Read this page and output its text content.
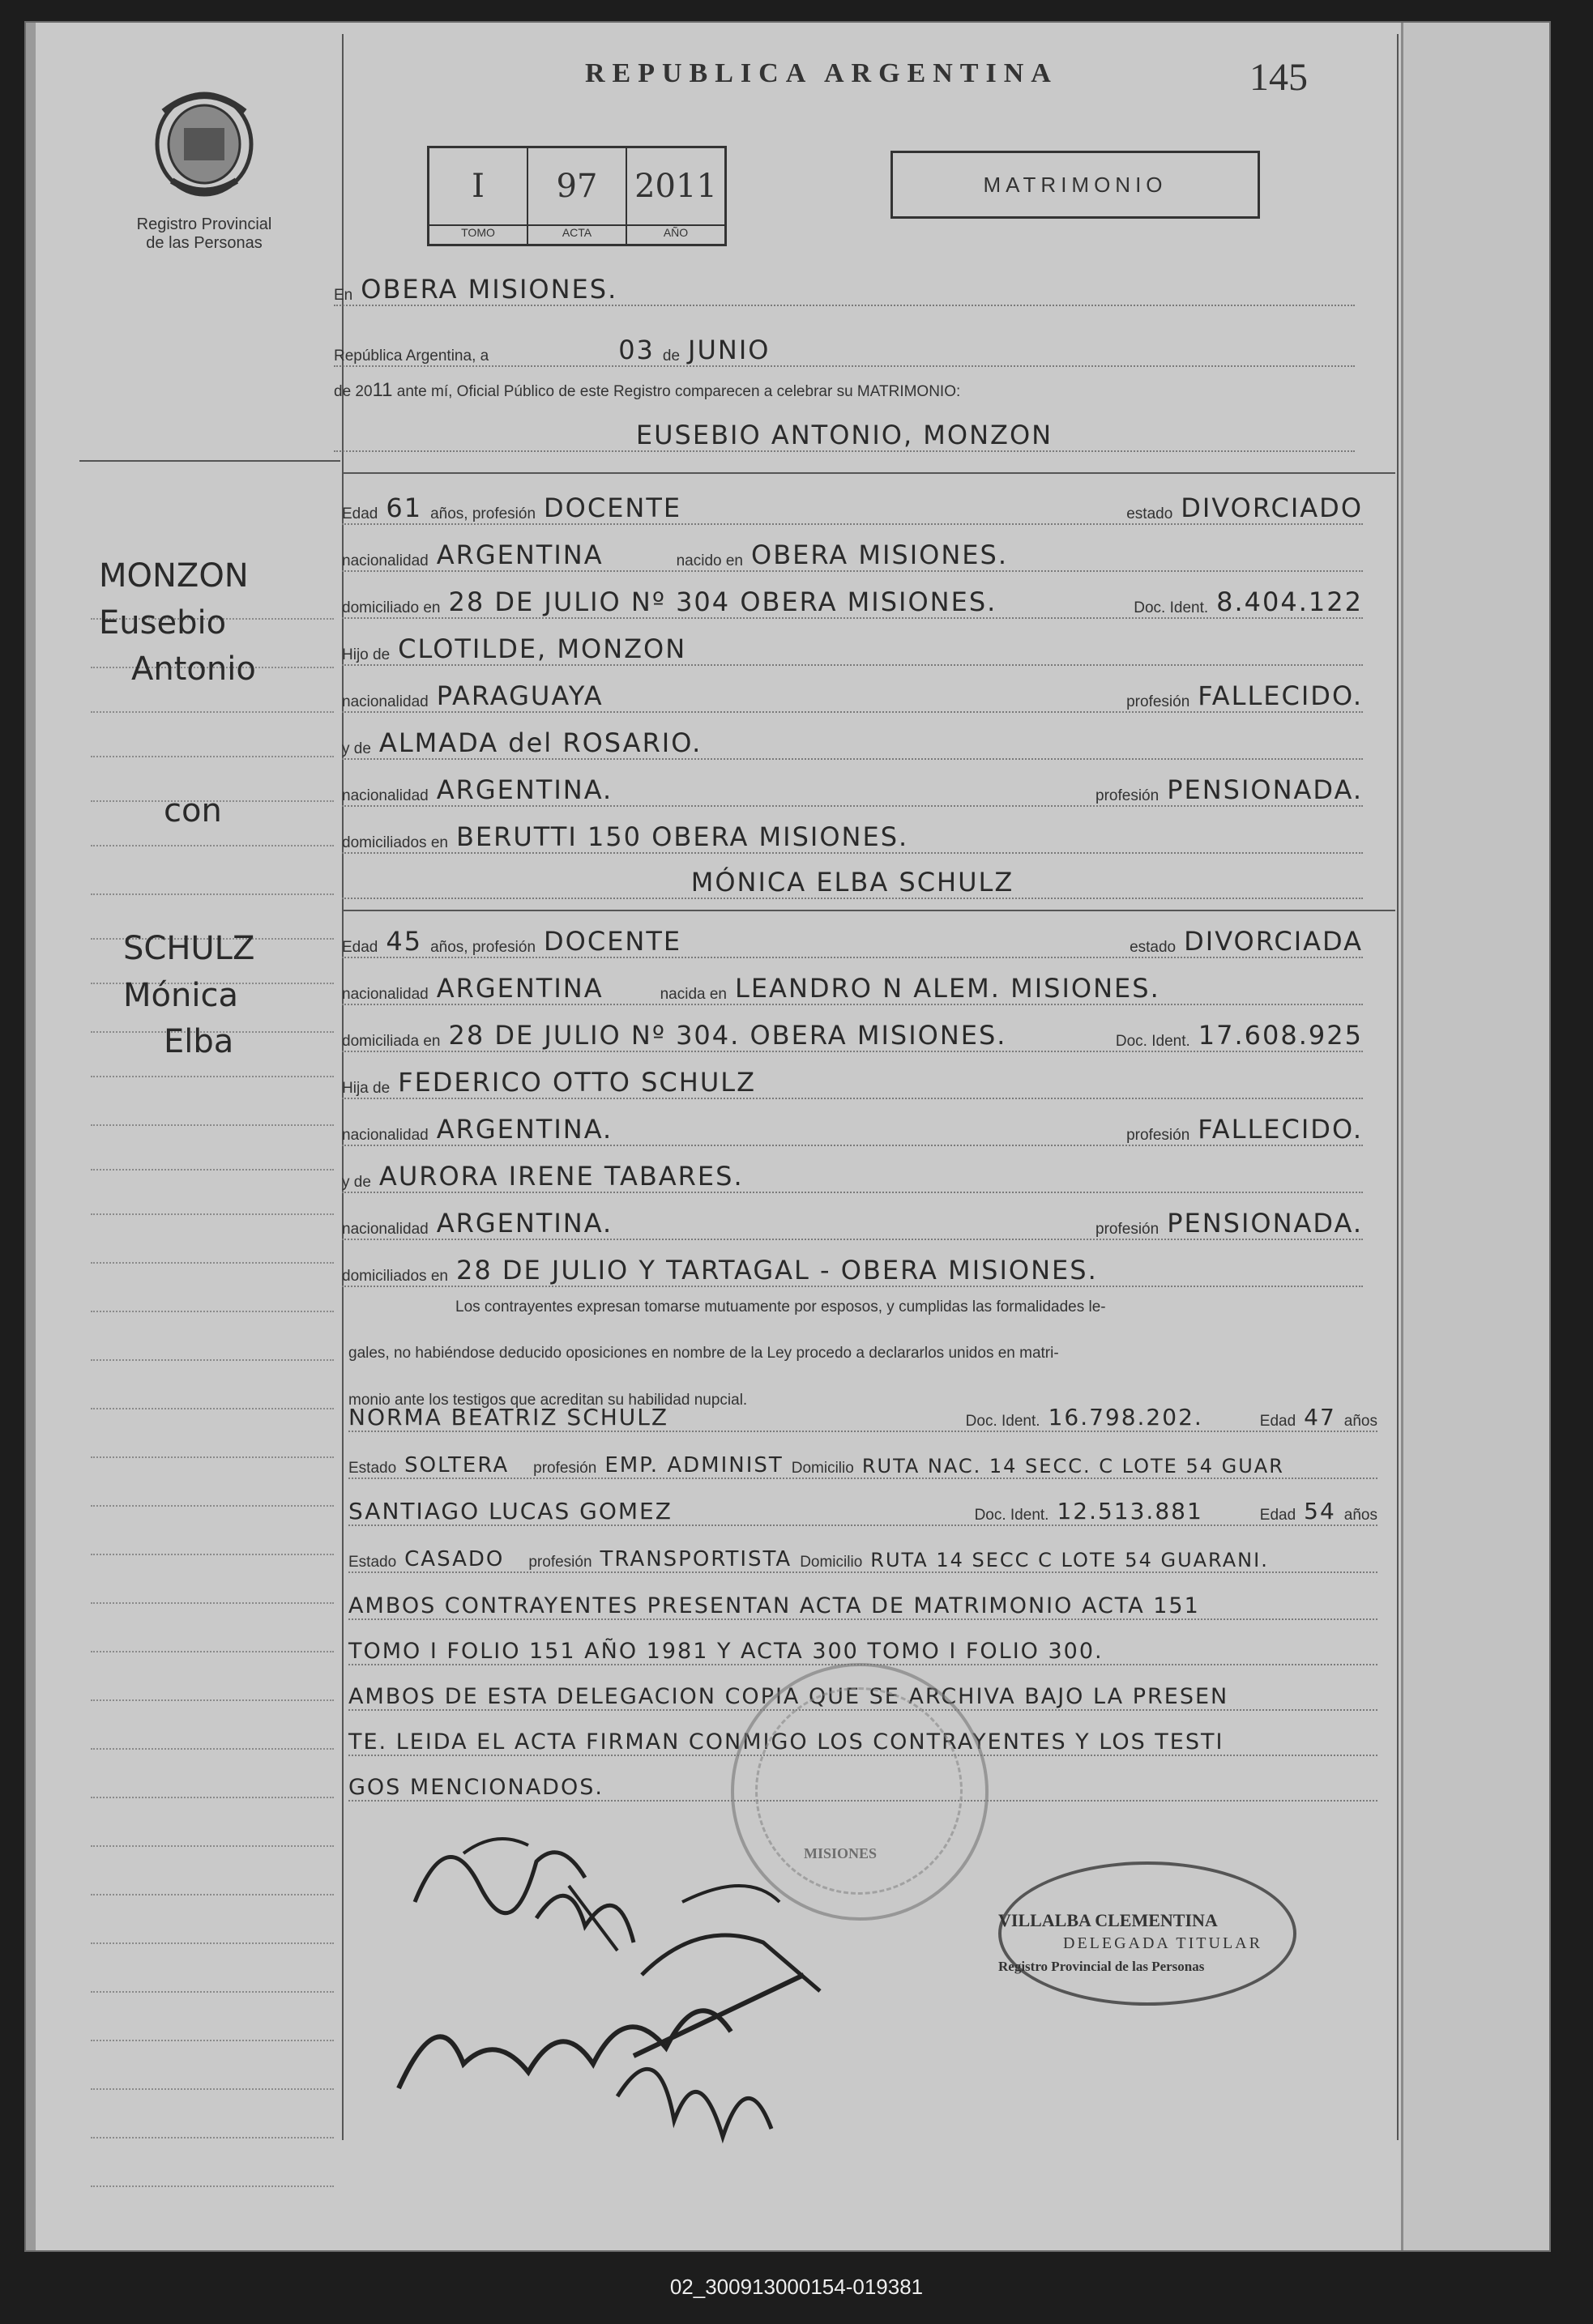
Registro Provincial
de las Personas
REPUBLICA ARGENTINA	145
I
TOMO
97
ACTA
2011
AÑO
MATRIMONIO
En OBERA MISIONES.
República Argentina, a	03 de JUNIO
de 2011 ante mí, Oficial Público de este Registro comparecen a celebrar su MATRIMONIO:
EUSEBIO ANTONIO, MONZON
MONZON
Eusebio
Antonio
con
SCHULZ
Mónica
Elba
Edad 61 años, profesión DOCENTE	estado DIVORCIADO
nacionalidad ARGENTINA	nacido en OBERA MISIONES.
domiciliado en 28 DE JULIO Nº 304 OBERA MISIONES.	Doc. Ident. 8.404.122
Hijo de CLOTILDE, MONZON
nacionalidad PARAGUAYA	profesión FALLECIDO.
y de ALMADA del ROSARIO.
nacionalidad ARGENTINA.	profesión PENSIONADA.
domiciliados en BERUTTI 150 OBERA MISIONES.
MÓNICA ELBA SCHULZ
Edad 45 años, profesión DOCENTE	estado DIVORCIADA
nacionalidad ARGENTINA	nacida en LEANDRO N ALEM. MISIONES.
domiciliada en 28 DE JULIO Nº 304. OBERA MISIONES.	Doc. Ident. 17.608.925
Hija de FEDERICO OTTO SCHULZ
nacionalidad ARGENTINA.	profesión FALLECIDO.
y de AURORA IRENE TABARES.
nacionalidad ARGENTINA.	profesión PENSIONADA.
domiciliados en 28 DE JULIO Y TARTAGAL - OBERA MISIONES.
Los contrayentes expresan tomarse mutuamente por esposos, y cumplidas las formalidades le-
gales, no habiéndose deducido oposiciones en nombre de la Ley procedo a declararlos unidos en matri-
monio ante los testigos que acreditan su habilidad nupcial.
NORMA BEATRIZ SCHULZ	Doc. Ident. 16.798.202.	Edad 47 años
Estado SOLTERA profesión EMP. ADMINIST Domicilio RUTA NAC. 14 SECC. C LOTE 54 GUAR
SANTIAGO LUCAS GOMEZ	Doc. Ident. 12.513.881	Edad 54 años
Estado CASADO profesión TRANSPORTISTA Domicilio RUTA 14 SECC C LOTE 54 GUARANI.
AMBOS CONTRAYENTES PRESENTAN ACTA DE MATRIMONIO ACTA 151
TOMO I FOLIO 151 AÑO 1981 Y ACTA 300 TOMO I FOLIO 300.
AMBOS DE ESTA DELEGACION COPIA QUE SE ARCHIVA BAJO LA PRESEN
TE. LEIDA EL ACTA FIRMAN CONMIGO LOS CONTRAYENTES Y LOS TESTI
GOS MENCIONADOS.
MISIONES
VILLALBA CLEMENTINA
DELEGADA TITULAR
Registro Provincial de las Personas
02_300913000154-019381
